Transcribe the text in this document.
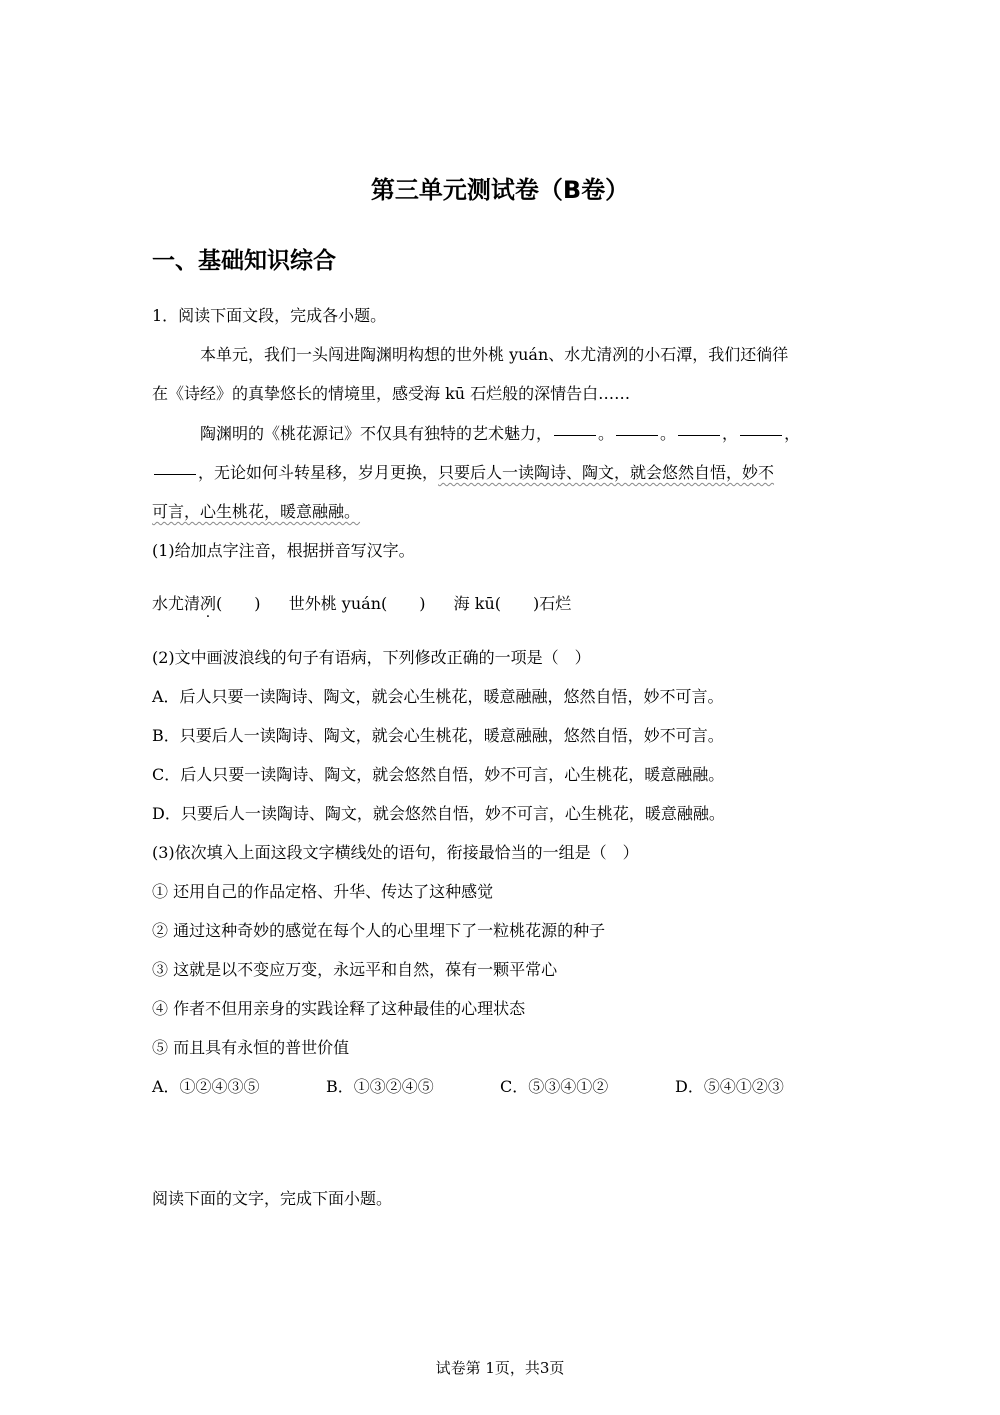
第三单元测试卷（B卷）
一、基础知识综合
1．阅读下面文段，完成各小题。
本单元，我们一头闯进陶渊明构想的世外桃 yuán、水尤清冽的小石潭，我们还徜徉
在《诗经》的真挚悠长的情境里，感受海 kū 石烂般的深情告白……
陶渊明的《桃花源记》不仅具有独特的艺术魅力，	。	。	，	，
，无论如何斗转星移，岁月更换，只要后人一读陶诗、陶文，就会悠然自悟，妙不
可言，心生桃花，暖意融融。
(1)给加点字注音，根据拼音写汉字。
水尤清冽(　　) 世外桃 yuán(　　) 海 kū(　　)石烂
(2)文中画波浪线的句子有语病，下列修改正确的一项是（　）
A．后人只要一读陶诗、陶文，就会心生桃花，暖意融融，悠然自悟，妙不可言。
B．只要后人一读陶诗、陶文，就会心生桃花，暖意融融，悠然自悟，妙不可言。
C．后人只要一读陶诗、陶文，就会悠然自悟，妙不可言，心生桃花，暖意融融。
D．只要后人一读陶诗、陶文，就会悠然自悟，妙不可言，心生桃花，暖意融融。
(3)依次填入上面这段文字横线处的语句，衔接最恰当的一组是（　）
① 还用自己的作品定格、升华、传达了这种感觉
② 通过这种奇妙的感觉在每个人的心里埋下了一粒桃花源的种子
③ 这就是以不变应万变，永远平和自然，葆有一颗平常心
④ 作者不但用亲身的实践诠释了这种最佳的心理状态
⑤ 而且具有永恒的普世价值
A．①②④③⑤	B．①③②④⑤	C．⑤③④①②	D．⑤④①②③
阅读下面的文字，完成下面小题。
试卷第 1页，共3页
